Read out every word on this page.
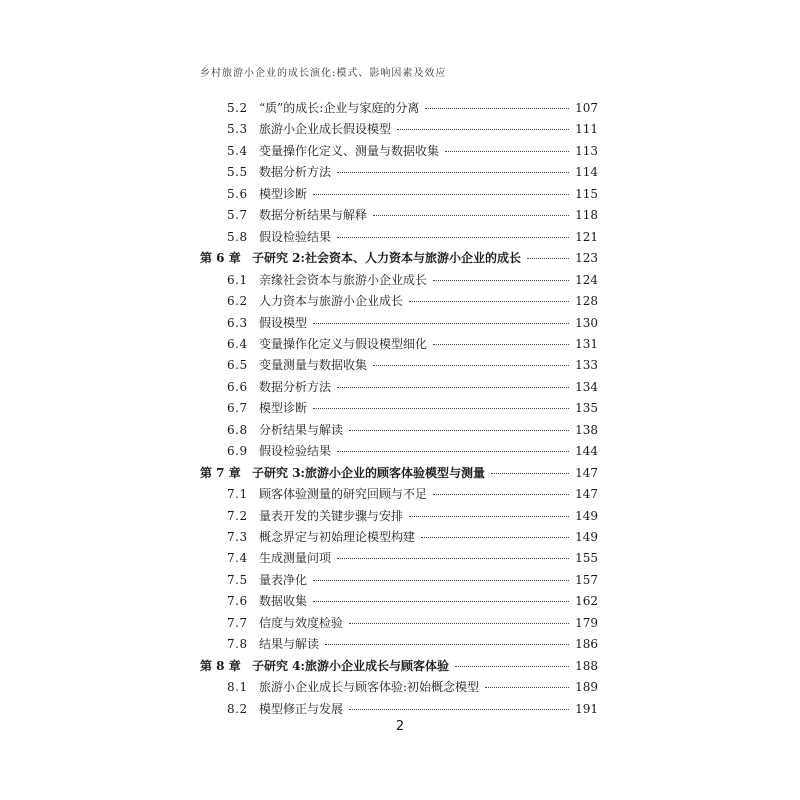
乡村旅游小企业的成长演化:模式、影响因素及效应
5.2 “质”的成长:企业与家庭的分离	107
5.3 旅游小企业成长假设模型	111
5.4 变量操作化定义、测量与数据收集	113
5.5 数据分析方法	114
5.6 模型诊断	115
5.7 数据分析结果与解释	118
5.8 假设检验结果	121
第 6 章 子研究 2:社会资本、人力资本与旅游小企业的成长	123
6.1 亲缘社会资本与旅游小企业成长	124
6.2 人力资本与旅游小企业成长	128
6.3 假设模型	130
6.4 变量操作化定义与假设模型细化	131
6.5 变量测量与数据收集	133
6.6 数据分析方法	134
6.7 模型诊断	135
6.8 分析结果与解读	138
6.9 假设检验结果	144
第 7 章 子研究 3:旅游小企业的顾客体验模型与测量	147
7.1 顾客体验测量的研究回顾与不足	147
7.2 量表开发的关键步骤与安排	149
7.3 概念界定与初始理论模型构建	149
7.4 生成测量问项	155
7.5 量表净化	157
7.6 数据收集	162
7.7 信度与效度检验	179
7.8 结果与解读	186
第 8 章 子研究 4:旅游小企业成长与顾客体验	188
8.1 旅游小企业成长与顾客体验:初始概念模型	189
8.2 模型修正与发展	191
2
